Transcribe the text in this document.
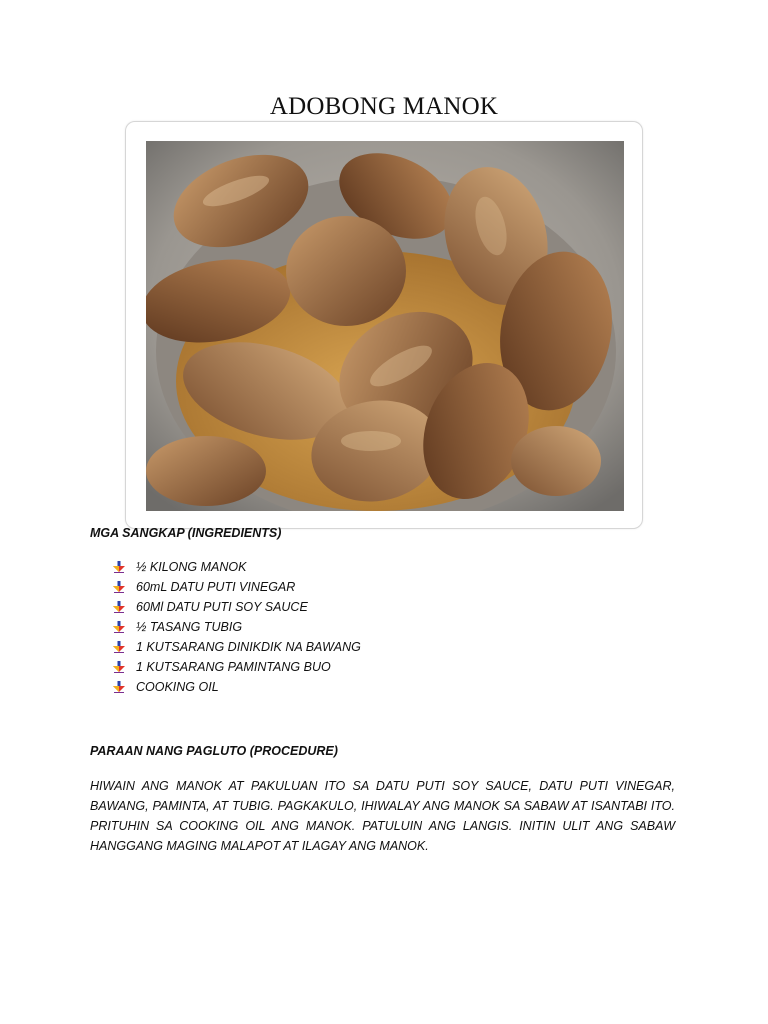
ADOBONG MANOK
MGA SANGKAP (INGREDIENTS)
½ KILONG MANOK
60mL DATU PUTI VINEGAR
60Ml DATU PUTI SOY SAUCE
½ TASANG TUBIG
1 KUTSARANG DINIKDIK NA BAWANG
1 KUTSARANG PAMINTANG BUO
COOKING OIL
PARAAN NANG PAGLUTO (PROCEDURE)
HIWAIN ANG MANOK AT PAKULUAN ITO SA DATU PUTI SOY SAUCE, DATU PUTI VINEGAR, BAWANG, PAMINTA, AT TUBIG. PAGKAKULO, IHIWALAY ANG MANOK SA SABAW AT ISANTABI ITO. PRITUHIN SA COOKING OIL ANG MANOK. PATULUIN ANG LANGIS. INITIN ULIT ANG SABAW HANGGANG MAGING MALAPOT AT ILAGAY ANG MANOK.
